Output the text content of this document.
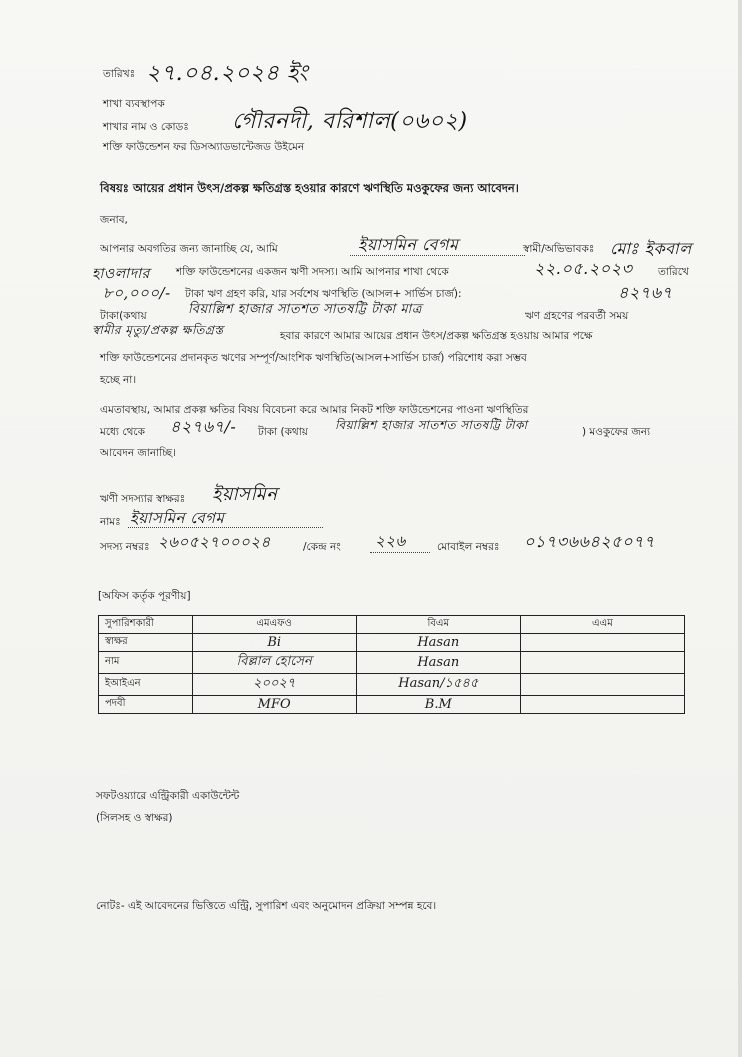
তারিখঃ ২৭.০৪.২০২৪ ইং
শাখা ব্যবস্থাপক
শাখার নাম ও কোডঃ গৌরনদী, বরিশাল(০৬০২)
শক্তি ফাউন্ডেশন ফর ডিসঅ্যাডভান্টেজড উইমেন
বিষয়ঃ আয়ের প্রধান উৎস/প্রকল্প ক্ষতিগ্রস্ত হওয়ার কারণে ঋণস্থিতি মওকুফের জন্য আবেদন।
জনাব,
আপনার অবগতির জন্য জানাচ্ছি যে, আমি	ইয়াসমিন বেগম	স্বামী/অভিভাবকঃ মোঃ ইকবাল
হাওলাদার শক্তি ফাউন্ডেশনের একজন ঋণী সদস্য। আমি আপনার শাখা থেকে	২২.০৫.২০২৩ তারিখে
৮০,০০০/- টাকা ঋণ গ্রহণ করি, যার সর্বশেষ ঋণস্থিতি (আসল+ সার্ভিস চার্জ):	৪২৭৬৭
টাকা(কথায়	বিয়াল্লিশ হাজার সাতশত সাতষট্টি টাকা মাত্র	ঋণ গ্রহণের পরবর্তী সময়
স্বামীর মৃত্যু/প্রকল্প ক্ষতিগ্রস্ত	হবার কারণে আমার আয়ের প্রধান উৎস/প্রকল্প ক্ষতিগ্রস্ত হওয়ায় আমার পক্ষে
শক্তি ফাউন্ডেশনের প্রদানকৃত ঋণের সম্পূর্ণ/আংশিক ঋণস্থিতি(আসল+সার্ভিস চার্জ) পরিশোধ করা সম্ভব
হচ্ছে না।
এমতাবস্থায়, আমার প্রকল্প ক্ষতির বিষয় বিবেচনা করে আমার নিকট শক্তি ফাউন্ডেশনের পাওনা ঋণস্থিতির
মধ্যে থেকে ৪২৭৬৭/- টাকা (কথায় বিয়াল্লিশ হাজার সাতশত সাতষট্টি টাকা	) মওকুফের জন্য
আবেদন জানাচ্ছি।
ঋণী সদস্যার স্বাক্ষরঃ ইয়াসমিন
নামঃ ইয়াসমিন বেগম
সদস্য নম্বরঃ ২৬০৫২৭০০০২৪	/কেন্দ্র নং ২২৬	মোবাইল নম্বরঃ ০১৭৩৬৬৪২৫০৭৭
[অফিস কর্তৃক পূরণীয়]
সুপারিশকারী	এমএফও	বিএম	এএম
স্বাক্ষর	Bi	Hasan	
নাম	বিল্লাল হোসেন	Hasan	
ইআইএন	২০০২৭	Hasan/১৫৪৫	
পদবী	MFO	B.M	
সফটওয়্যারে এন্ট্রিকারী একাউন্টেন্ট
(সিলসহ ও স্বাক্ষর)
নোটঃ- এই আবেদনের ভিত্তিতে এন্ট্রি, সুপারিশ এবং অনুমোদন প্রক্রিয়া সম্পন্ন হবে।
